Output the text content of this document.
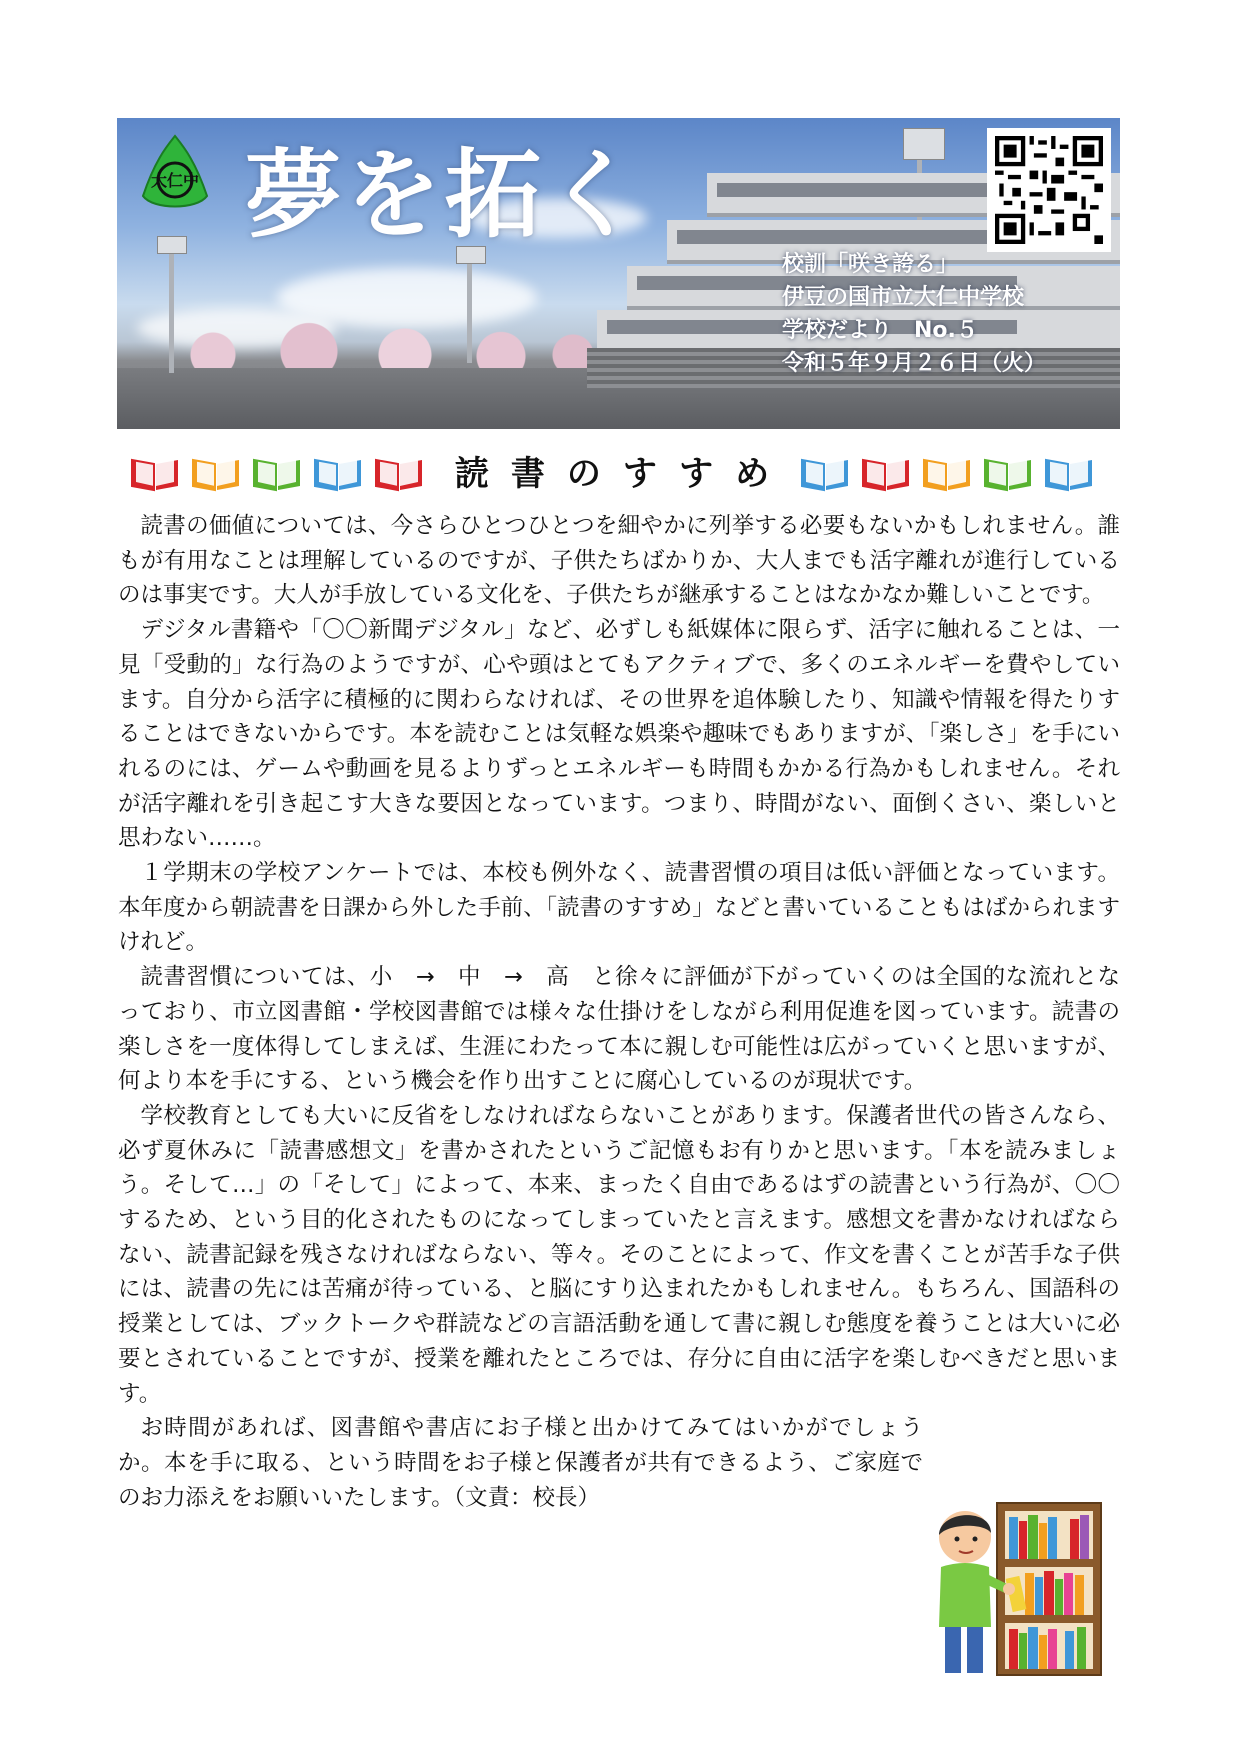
大仁中 夢を拓く
校訓「咲き誇る」
伊豆の国市立大仁中学校
学校だより　No.５
令和５年９月２６日（火）
読書のすすめ

読書の価値については、今さらひとつひとつを細やかに列挙する必要もないかもしれません。誰もが有用なことは理解しているのですが、子供たちばかりか、大人までも活字離れが進行しているのは事実です。大人が手放している文化を、子供たちが継承することはなかなか難しいことです。

デジタル書籍や「〇〇新聞デジタル」など、必ずしも紙媒体に限らず、活字に触れることは、一見「受動的」な行為のようですが、心や頭はとてもアクティブで、多くのエネルギーを費やしています。自分から活字に積極的に関わらなければ、その世界を追体験したり、知識や情報を得たりすることはできないからです。本を読むことは気軽な娯楽や趣味でもありますが、「楽しさ」を手にいれるのには、ゲームや動画を見るよりずっとエネルギーも時間もかかる行為かもしれません。それが活字離れを引き起こす大きな要因となっています。つまり、時間がない、面倒くさい、楽しいと思わない……。

１学期末の学校アンケートでは、本校も例外なく、読書習慣の項目は低い評価となっています。本年度から朝読書を日課から外した手前、「読書のすすめ」などと書いていることもはばかられますけれど。

読書習慣については、小　→　中　→　高　と徐々に評価が下がっていくのは全国的な流れとなっており、市立図書館・学校図書館では様々な仕掛けをしながら利用促進を図っています。読書の楽しさを一度体得してしまえば、生涯にわたって本に親しむ可能性は広がっていくと思いますが、何より本を手にする、という機会を作り出すことに腐心しているのが現状です。

学校教育としても大いに反省をしなければならないことがあります。保護者世代の皆さんなら、必ず夏休みに「読書感想文」を書かされたというご記憶もお有りかと思います。「本を読みましょう。そして…」の「そして」によって、本来、まったく自由であるはずの読書という行為が、〇〇するため、という目的化されたものになってしまっていたと言えます。感想文を書かなければならない、読書記録を残さなければならない、等々。そのことによって、作文を書くことが苦手な子供には、読書の先には苦痛が待っている、と脳にすり込まれたかもしれません。もちろん、国語科の授業としては、ブックトークや群読などの言語活動を通して書に親しむ態度を養うことは大いに必要とされていることですが、授業を離れたところでは、存分に自由に活字を楽しむべきだと思います。

お時間があれば、図書館や書店にお子様と出かけてみてはいかがでしょうか。本を手に取る、という時間をお子様と保護者が共有できるよう、ご家庭でのお力添えをお願いいたします。（文責：校長）
